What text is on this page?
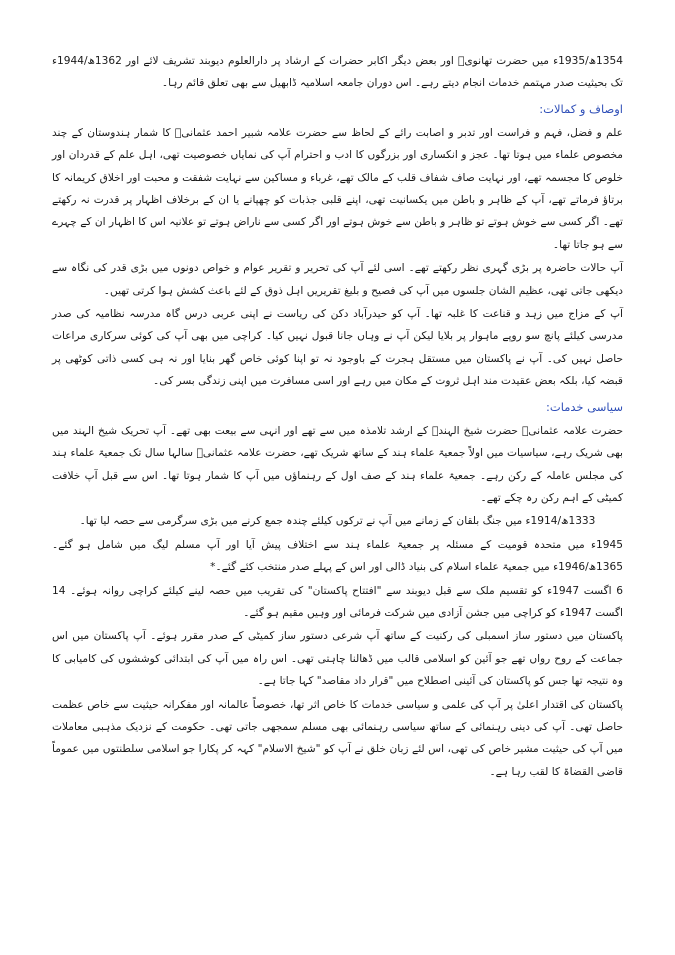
1354ھ/1935ء میں حضرت تھانویؒ اور بعض دیگر اکابر حضرات کے ارشاد پر دارالعلوم دیوبند تشریف لائے اور 1362ھ/1944ء تک بحیثیت صدر مہتمم خدمات انجام دیتے رہے۔ اس دوران جامعہ اسلامیہ ڈابھیل سے بھی تعلق قائم رہا۔

اوصاف و کمالات:

علم و فضل، فہم و فراست اور تدبر و اصابت رائے کے لحاظ سے حضرت علامہ شبیر احمد عثمانیؒ کا شمار ہندوستان کے چند مخصوص علماء میں ہوتا تھا۔ عجز و انکساری اور بزرگوں کا ادب و احترام آپ کی نمایاں خصوصیت تھی، اہل علم کے قدردان اور خلوص کا مجسمہ تھے، اور نہایت صاف شفاف قلب کے مالک تھے، غرباء و مساکین سے نہایت شفقت و محبت اور اخلاق کریمانہ کا برتاؤ فرماتے تھے، آپ کے ظاہر و باطن میں یکسانیت تھی، اپنے قلبی جذبات کو چھپانے یا ان کے برخلاف اظہار پر قدرت نہ رکھتے تھے۔ اگر کسی سے خوش ہوتے تو ظاہر و باطن سے خوش ہوتے اور اگر کسی سے ناراض ہوتے تو علانیہ اس کا اظہار ان کے چہرے سے ہو جاتا تھا۔

آپ حالات حاضرہ پر بڑی گہری نظر رکھتے تھے۔ اسی لئے آپ کی تحریر و تقریر عوام و خواص دونوں میں بڑی قدر کی نگاہ سے دیکھی جاتی تھی، عظیم الشان جلسوں میں آپ کی فصیح و بلیغ تقریریں اہل ذوق کے لئے باعث کشش ہوا کرتی تھیں۔

آپ کے مزاج میں زہد و قناعت کا غلبہ تھا۔ آپ کو حیدرآباد دکن کی ریاست نے اپنی عربی درس گاہ مدرسہ نظامیہ کی صدر مدرسی کیلئے پانچ سو روپے ماہوار پر بلایا لیکن آپ نے وہاں جانا قبول نہیں کیا۔ کراچی میں بھی آپ کی کوئی سرکاری مراعات حاصل نہیں کی۔ آپ نے پاکستان میں مستقل ہجرت کے باوجود نہ تو اپنا کوئی خاص گھر بنایا اور نہ ہی کسی ذاتی کوٹھی پر قبضہ کیا، بلکہ بعض عقیدت مند اہل ثروت کے مکان میں رہے اور اسی مسافرت میں اپنی زندگی بسر کی۔

سیاسی خدمات:

حضرت علامہ عثمانیؒ حضرت شیخ الہندؒ کے ارشد تلامذہ میں سے تھے اور انہی سے بیعت بھی تھے۔ آپ تحریک شیخ الہند میں بھی شریک رہے، سیاسیات میں اولاً جمعیۃ علماء ہند کے ساتھ شریک تھے، حضرت علامہ عثمانیؒ سالہا سال تک جمعیۃ علماء ہند کی مجلس عاملہ کے رکن رہے۔ جمعیۃ علماء ہند کے صف اول کے رہنماؤں میں آپ کا شمار ہوتا تھا۔ اس سے قبل آپ خلافت کمیٹی کے اہم رکن رہ چکے تھے۔

1333ھ/1914ء میں جنگ بلقان کے زمانے میں آپ نے ترکوں کیلئے چندہ جمع کرنے میں بڑی سرگرمی سے حصہ لیا تھا۔

1945ء میں متحدہ قومیت کے مسئلہ پر جمعیۃ علماء ہند سے اختلاف پیش آیا اور آپ مسلم لیگ میں شامل ہو گئے۔ 1365ھ/1946ء میں جمعیۃ علماء اسلام کی بنیاد ڈالی اور اس کے پہلے صدر منتخب کئے گئے۔*

6 اگست 1947ء کو تقسیم ملک سے قبل دیوبند سے "افتتاح پاکستان" کی تقریب میں حصہ لینے کیلئے کراچی روانہ ہوئے۔ 14 اگست 1947ء کو کراچی میں جشن آزادی میں شرکت فرمائی اور وہیں مقیم ہو گئے۔

پاکستان میں دستور ساز اسمبلی کی رکنیت کے ساتھ آپ شرعی دستور ساز کمیٹی کے صدر مقرر ہوئے۔ آپ پاکستان میں اس جماعت کے روح رواں تھے جو آئین کو اسلامی قالب میں ڈھالنا چاہتی تھی۔ اس راہ میں آپ کی ابتدائی کوششوں کی کامیابی کا وہ نتیجہ تھا جس کو پاکستان کی آئینی اصطلاح میں "قرار داد مقاصد" کہا جاتا ہے۔

پاکستان کی اقتدار اعلیٰ پر آپ کی علمی و سیاسی خدمات کا خاص اثر تھا، خصوصاً عالمانہ اور مفکرانہ حیثیت سے خاص عظمت حاصل تھی۔ آپ کی دینی رہنمائی کے ساتھ سیاسی رہنمائی بھی مسلم سمجھی جاتی تھی۔ حکومت کے نزدیک مذہبی معاملات میں آپ کی حیثیت مشیر خاص کی تھی، اس لئے زبان خلق نے آپ کو "شیخ الاسلام" کہہ کر پکارا جو اسلامی سلطنتوں میں عموماً قاضی القضاۃ کا لقب رہا ہے۔
